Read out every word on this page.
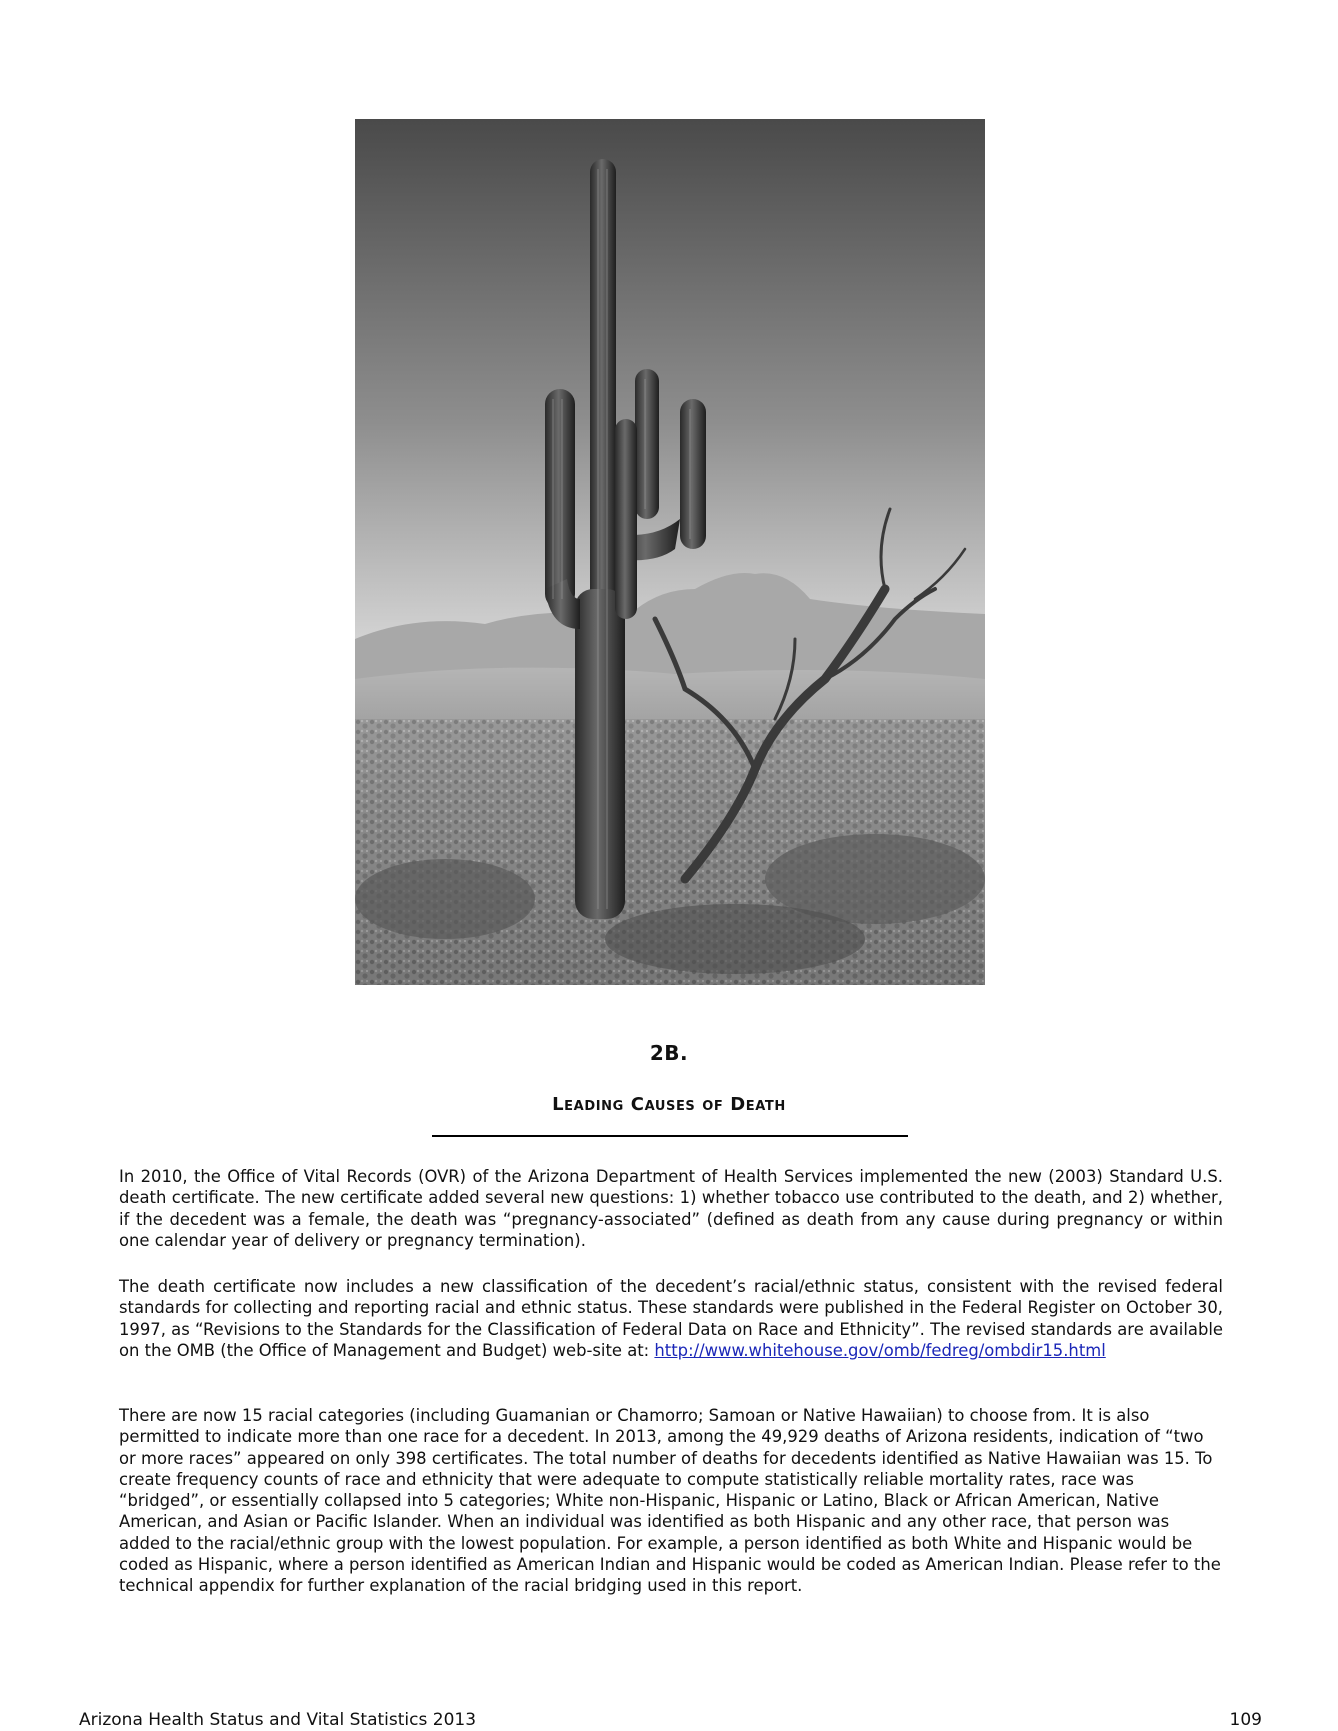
2B.
Leading Causes of Death

In 2010, the Office of Vital Records (OVR) of the Arizona Department of Health Services implemented the new (2003) Standard U.S. death certificate. The new certificate added several new questions: 1) whether tobacco use contributed to the death, and 2) whether, if the decedent was a female, the death was “pregnancy-associated” (defined as death from any cause during pregnancy or within one calendar year of delivery or pregnancy termination).

The death certificate now includes a new classification of the decedent’s racial/ethnic status, consistent with the revised federal standards for collecting and reporting racial and ethnic status. These standards were published in the Federal Register on October 30, 1997, as “Revisions to the Standards for the Classification of Federal Data on Race and Ethnicity”. The revised standards are available on the OMB (the Office of Management and Budget) web-site at: http://www.whitehouse.gov/omb/fedreg/ombdir15.html

There are now 15 racial categories (including Guamanian or Chamorro; Samoan or Native Hawaiian) to choose from. It is also permitted to indicate more than one race for a decedent. In 2013, among the 49,929 deaths of Arizona residents, indication of “two or more races” appeared on only 398 certificates. The total number of deaths for decedents identified as Native Hawaiian was 15. To create frequency counts of race and ethnicity that were adequate to compute statistically reliable mortality rates, race was “bridged”, or essentially collapsed into 5 categories; White non-Hispanic, Hispanic or Latino, Black or African American, Native American, and Asian or Pacific Islander. When an individual was identified as both Hispanic and any other race, that person was added to the racial/ethnic group with the lowest population. For example, a person identified as both White and Hispanic would be coded as Hispanic, where a person identified as American Indian and Hispanic would be coded as American Indian. Please refer to the technical appendix for further explanation of the racial bridging used in this report.

Arizona Health Status and Vital Statistics 2013	109
